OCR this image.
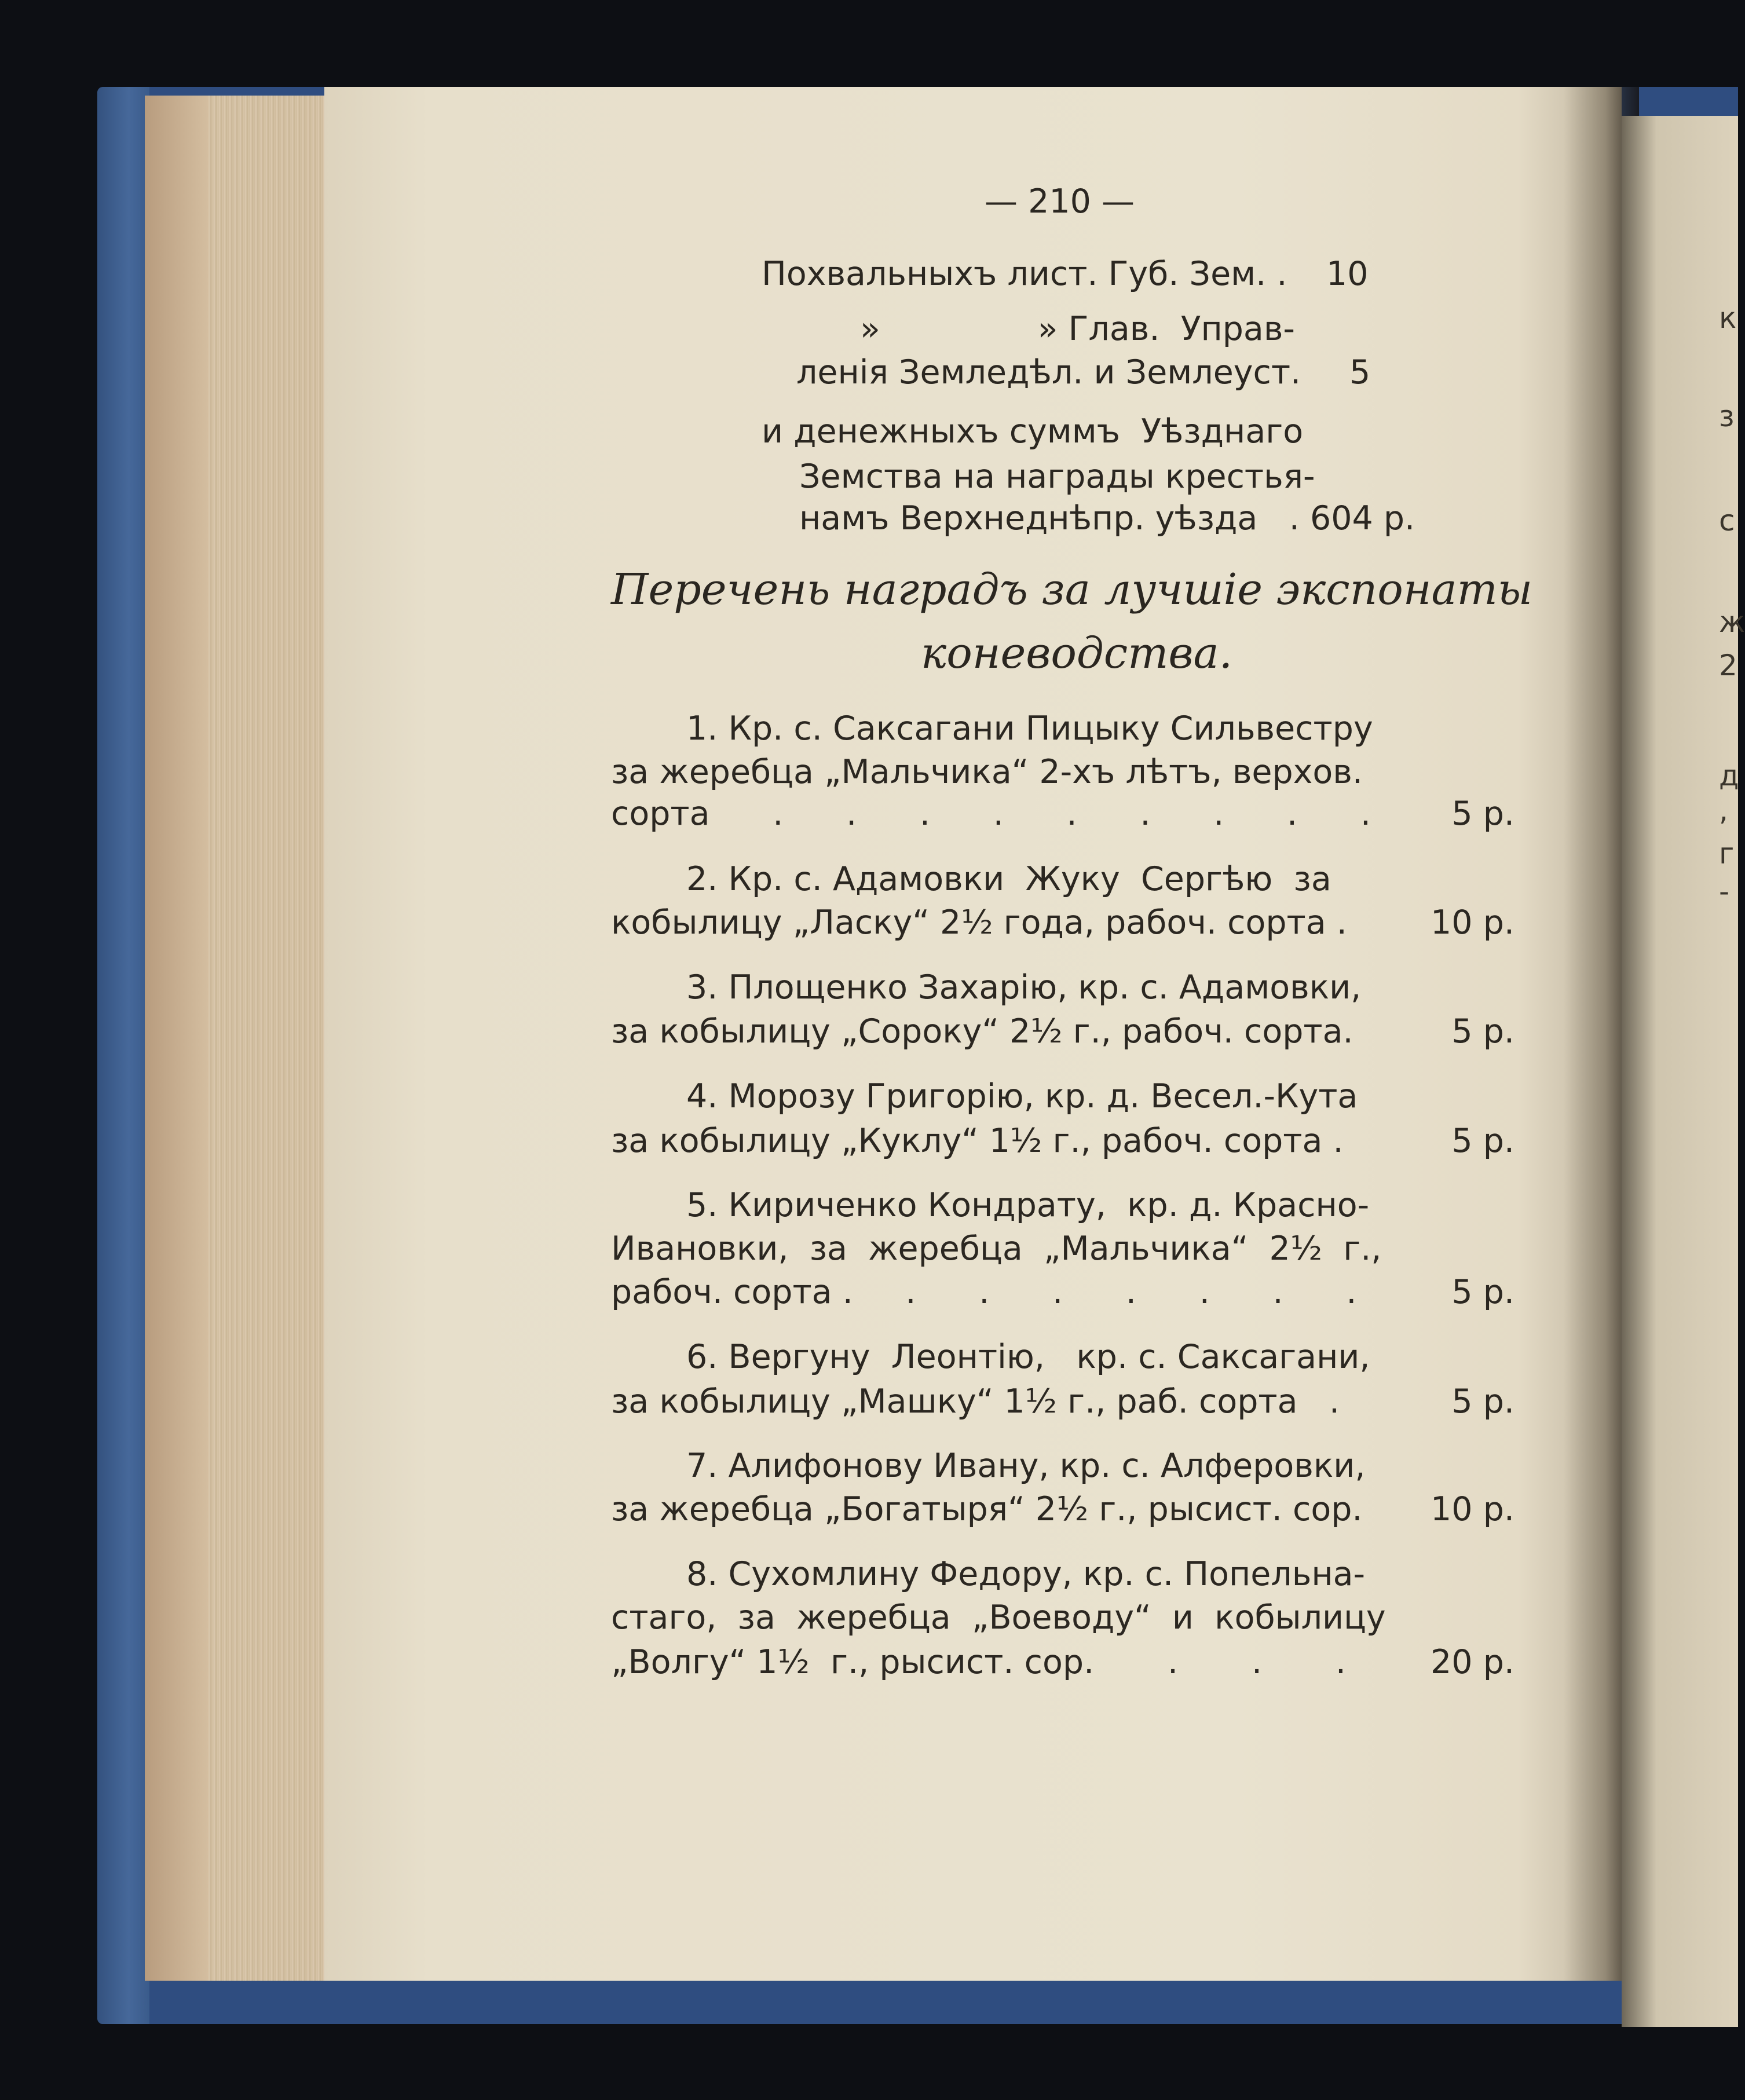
к
з
с
ж
2
д
,
г
-
— 210 —
Похвальныхъ лист. Губ. Зем. . 10
»               » Глав.  Управ-
ленія Земледѣл. и Землеуст. 5
и денежныхъ суммъ  Уѣзднаго
Земства на награды крестья-
намъ Верхнеднѣпр. уѣзда   . 604 р.
Перечень наградъ за лучшіе экспонаты
коневодства.
1. Кр. с. Саксагани Пицыку Сильвестру
за жеребца „Мальчика“ 2-хъ лѣтъ, верхов.
сорта      .      .      .      .      .      .      .      .      .	5 р.
2. Кр. с. Адамовки  Жуку  Сергѣю  за
кобылицу „Ласку“ 2½ года, рабоч. сорта .	10 р.
3. Площенко Захарію, кр. с. Адамовки,
за кобылицу „Сороку“ 2½ г., рабоч. сорта.	5 р.
4. Морозу Григорію, кр. д. Весел.-Кута
за кобылицу „Куклу“ 1½ г., рабоч. сорта .	5 р.
5. Кириченко Кондрату,  кр. д. Красно-
Ивановки,  за  жеребца  „Мальчика“  2½  г.,
рабоч. сорта .     .      .      .      .      .      .      .	5 р.
6. Вергуну  Леонтію,   кр. с. Саксагани,
за кобылицу „Машку“ 1½ г., раб. сорта   .	5 р.
7. Алифонову Ивану, кр. с. Алферовки,
за жеребца „Богатыря“ 2½ г., рысист. сор.	10 р.
8. Сухомлину Федору, кр. с. Попельна-
стаго,  за  жеребца  „Воеводу“  и  кобылицу
„Волгу“ 1½  г., рысист. сор.       .       .       .	20 р.
